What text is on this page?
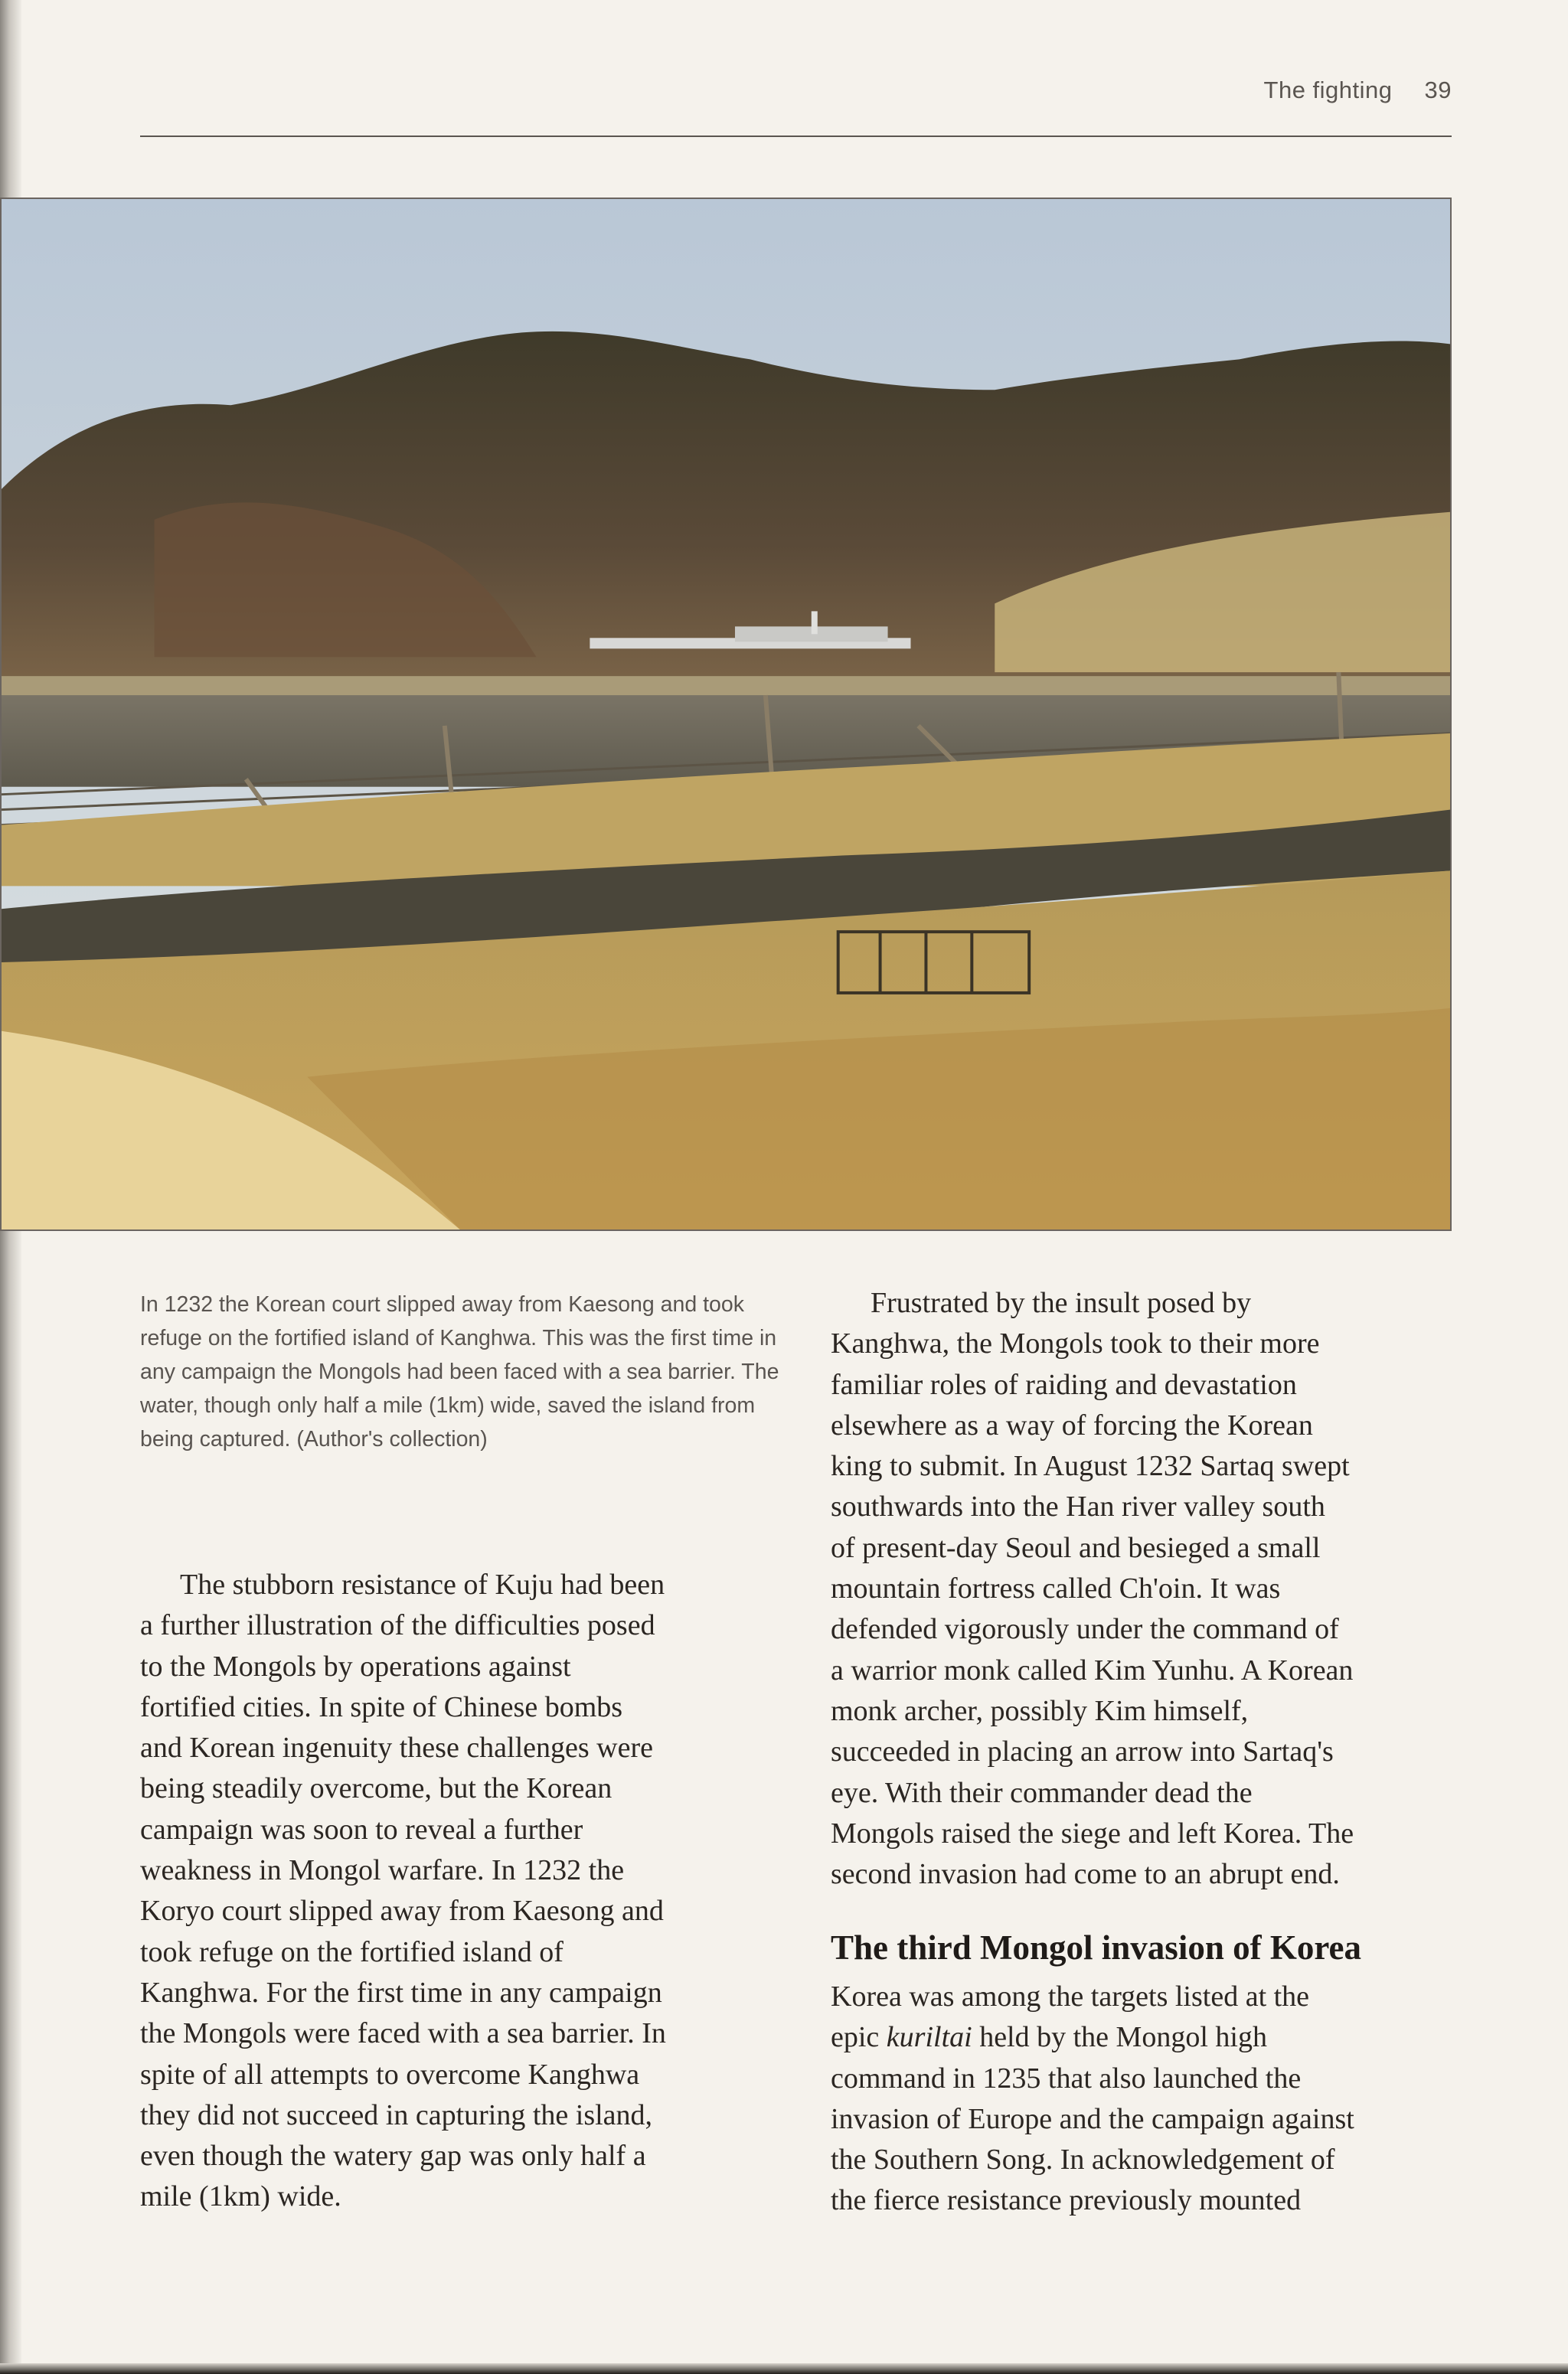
The fighting 39

In 1232 the Korean court slipped away from Kaesong and took refuge on the fortified island of Kanghwa. This was the first time in any campaign the Mongols had been faced with a sea barrier. The water, though only half a mile (1km) wide, saved the island from being captured. (Author's collection)

The stubborn resistance of Kuju had been
a further illustration of the difficulties posed
to the Mongols by operations against
fortified cities. In spite of Chinese bombs
and Korean ingenuity these challenges were
being steadily overcome, but the Korean
campaign was soon to reveal a further
weakness in Mongol warfare. In 1232 the
Koryo court slipped away from Kaesong and
took refuge on the fortified island of
Kanghwa. For the first time in any campaign
the Mongols were faced with a sea barrier. In
spite of all attempts to overcome Kanghwa
they did not succeed in capturing the island,
even though the watery gap was only half a
mile (1km) wide.
Frustrated by the insult posed by
Kanghwa, the Mongols took to their more
familiar roles of raiding and devastation
elsewhere as a way of forcing the Korean
king to submit. In August 1232 Sartaq swept
southwards into the Han river valley south
of present-day Seoul and besieged a small
mountain fortress called Ch'oin. It was
defended vigorously under the command of
a warrior monk called Kim Yunhu. A Korean
monk archer, possibly Kim himself,
succeeded in placing an arrow into Sartaq's
eye. With their commander dead the
Mongols raised the siege and left Korea. The
second invasion had come to an abrupt end.
The third Mongol invasion of Korea
Korea was among the targets listed at the
epic kuriltai held by the Mongol high
command in 1235 that also launched the
invasion of Europe and the campaign against
the Southern Song. In acknowledgement of
the fierce resistance previously mounted
